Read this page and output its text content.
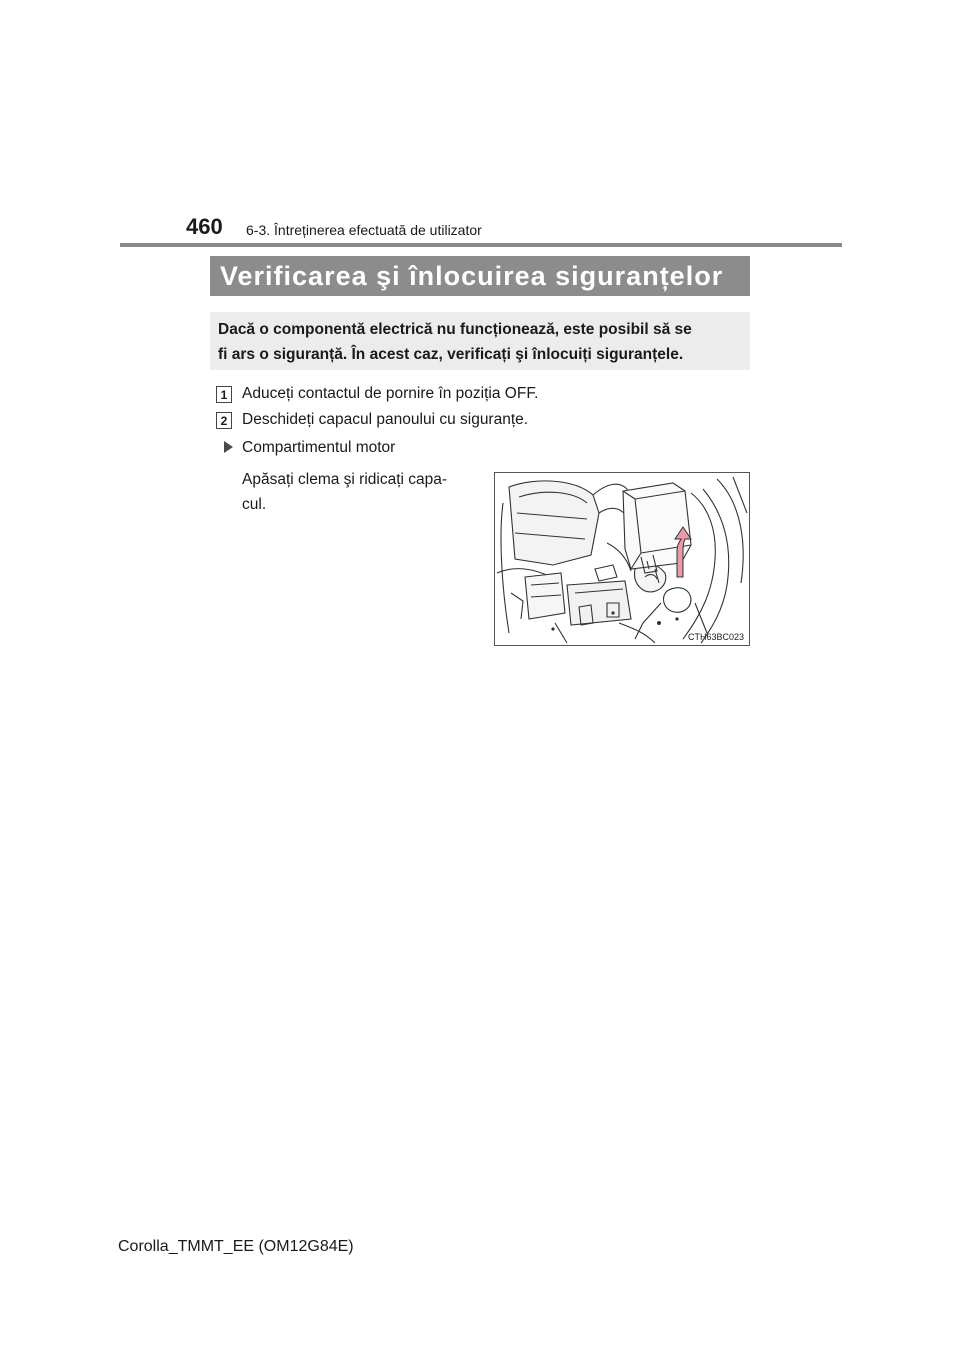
460 6-3. Întreținerea efectuată de utilizator
Verificarea şi înlocuirea siguranțelor
Dacă o componentă electrică nu funcționează, este posibil să se
fi ars o siguranță. În acest caz, verificați şi înlocuiți siguranțele.
1 Aduceți contactul de pornire în poziția OFF.
2 Deschideți capacul panoului cu siguranțe.
Compartimentul motor
Apăsați clema şi ridicați capa-
cul.
CTH63BC023
Corolla_TMMT_EE (OM12G84E)
